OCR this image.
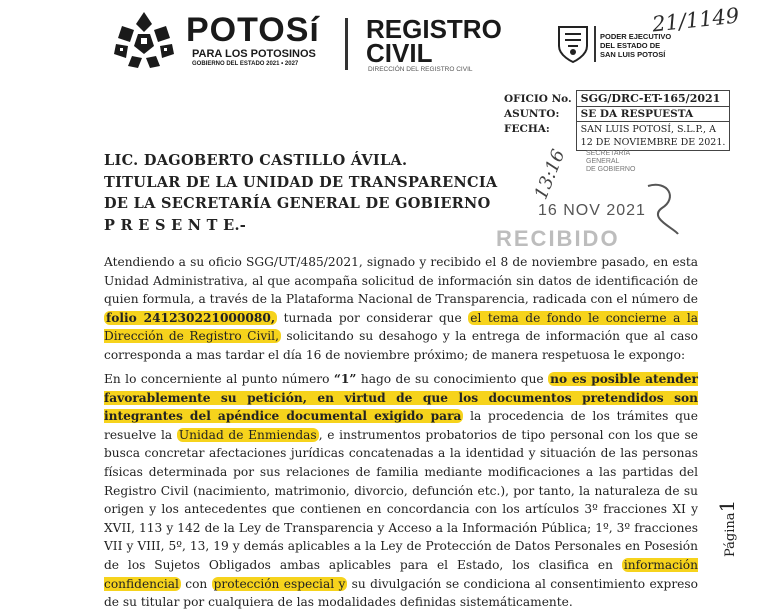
POTOSí
PARA LOS POTOSINOS
GOBIERNO DEL ESTADO 2021 • 2027
REGISTRO
CIVIL
DIRECCIÓN DEL REGISTRO CIVIL
PODER EJECUTIVO
DEL ESTADO DE
SAN LUIS POTOSÍ
21/1149
OFICIO No.	SGG/DRC-ET-165/2021
ASUNTO:	SE DA RESPUESTA
FECHA:	SAN LUIS POTOSÍ, S.L.P., A
12 DE NOVIEMBRE DE 2021.
SECRETARÍA
GENERAL
DE GOBIERNO
13:16
16 NOV 2021
RECIBIDO
LIC. DAGOBERTO CASTILLO ÁVILA.
TITULAR DE LA UNIDAD DE TRANSPARENCIA
DE LA SECRETARÍA GENERAL DE GOBIERNO
P R E S E N T E.-

Atendiendo a su oficio SGG/UT/485/2021, signado y recibido el 8 de noviembre pasado, en esta Unidad Administrativa, al que acompaña solicitud de información sin datos de identificación de quien formula, a través de la Plataforma Nacional de Transparencia, radicada con el número de folio 241230221000080, turnada por considerar que el tema de fondo le concierne a la Dirección de Registro Civil, solicitando su desahogo y la entrega de información que al caso corresponda a mas tardar el día 16 de noviembre próximo; de manera respetuosa le expongo:

En lo concerniente al punto número “1” hago de su conocimiento que no es posible atender favorablemente su petición, en virtud de que los documentos pretendidos son integrantes del apéndice documental exigido para la procedencia de los trámites que resuelve la Unidad de Enmiendas , e instrumentos probatorios de tipo personal con los que se busca concretar afectaciones jurídicas concatenadas a la identidad y situación de las personas físicas determinada por sus relaciones de familia mediante modificaciones a las partidas del Registro Civil (nacimiento, matrimonio, divorcio, defunción etc.), por tanto, la naturaleza de su origen y los antecedentes que contienen en concordancia con los artículos 3º fracciones XI y XVII, 113 y 142 de la Ley de Transparencia y Acceso a la Información Pública; 1º, 3º fracciones VII y VIII, 5º, 13, 19 y demás aplicables a la Ley de Protección de Datos Personales en Posesión de los Sujetos Obligados ambas aplicables para el Estado, los clasifica en información confidencial con protección especial y su divulgación se condiciona al consentimiento expreso de su titular por cualquiera de las modalidades definidas sistemáticamente.

Página1
